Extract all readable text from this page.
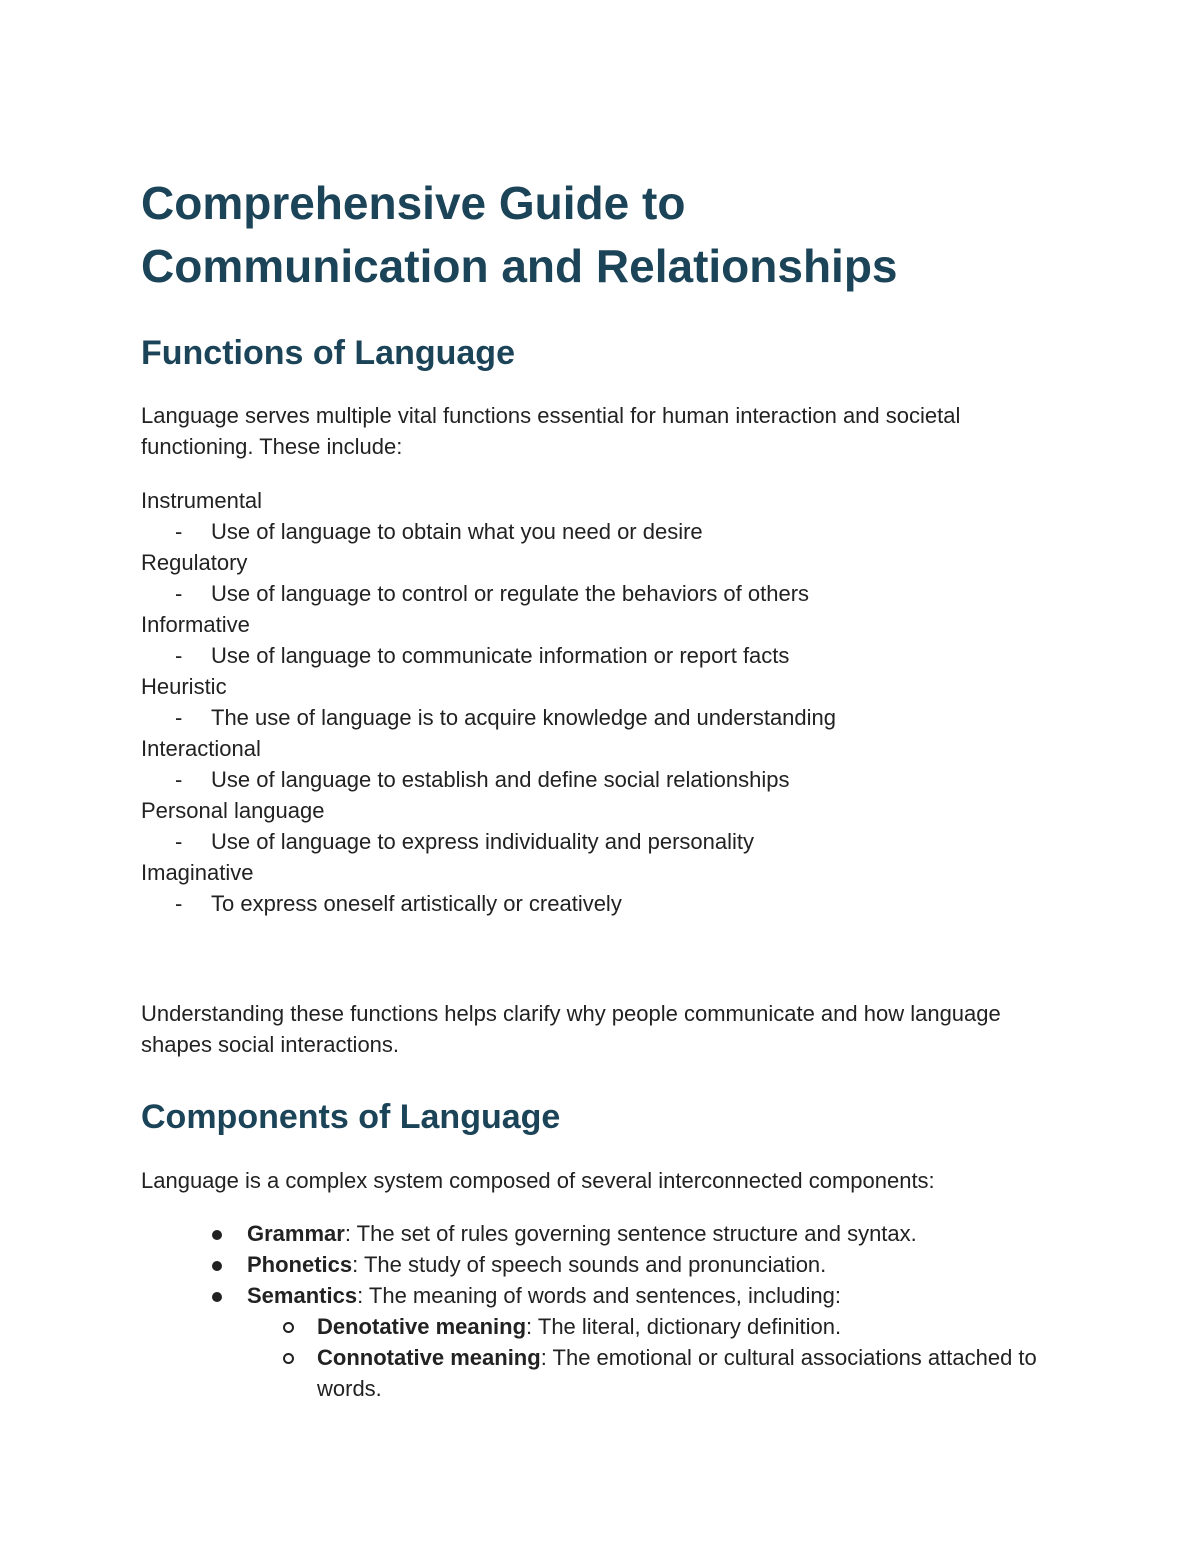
Comprehensive Guide to
Communication and Relationships
Functions of Language

Language serves multiple vital functions essential for human interaction and societal functioning. These include:

Instrumental
- Use of language to obtain what you need or desire
Regulatory
- Use of language to control or regulate the behaviors of others
Informative
- Use of language to communicate information or report facts
Heuristic
- The use of language is to acquire knowledge and understanding
Interactional
- Use of language to establish and define social relationships
Personal language
- Use of language to express individuality and personality
Imaginative
- To express oneself artistically or creatively

Understanding these functions helps clarify why people communicate and how language shapes social interactions.

Components of Language

Language is a complex system composed of several interconnected components:

Grammar: The set of rules governing sentence structure and syntax.
Phonetics: The study of speech sounds and pronunciation.
Semantics: The meaning of words and sentences, including:
Denotative meaning: The literal, dictionary definition.
Connotative meaning: The emotional or cultural associations attached to words.
